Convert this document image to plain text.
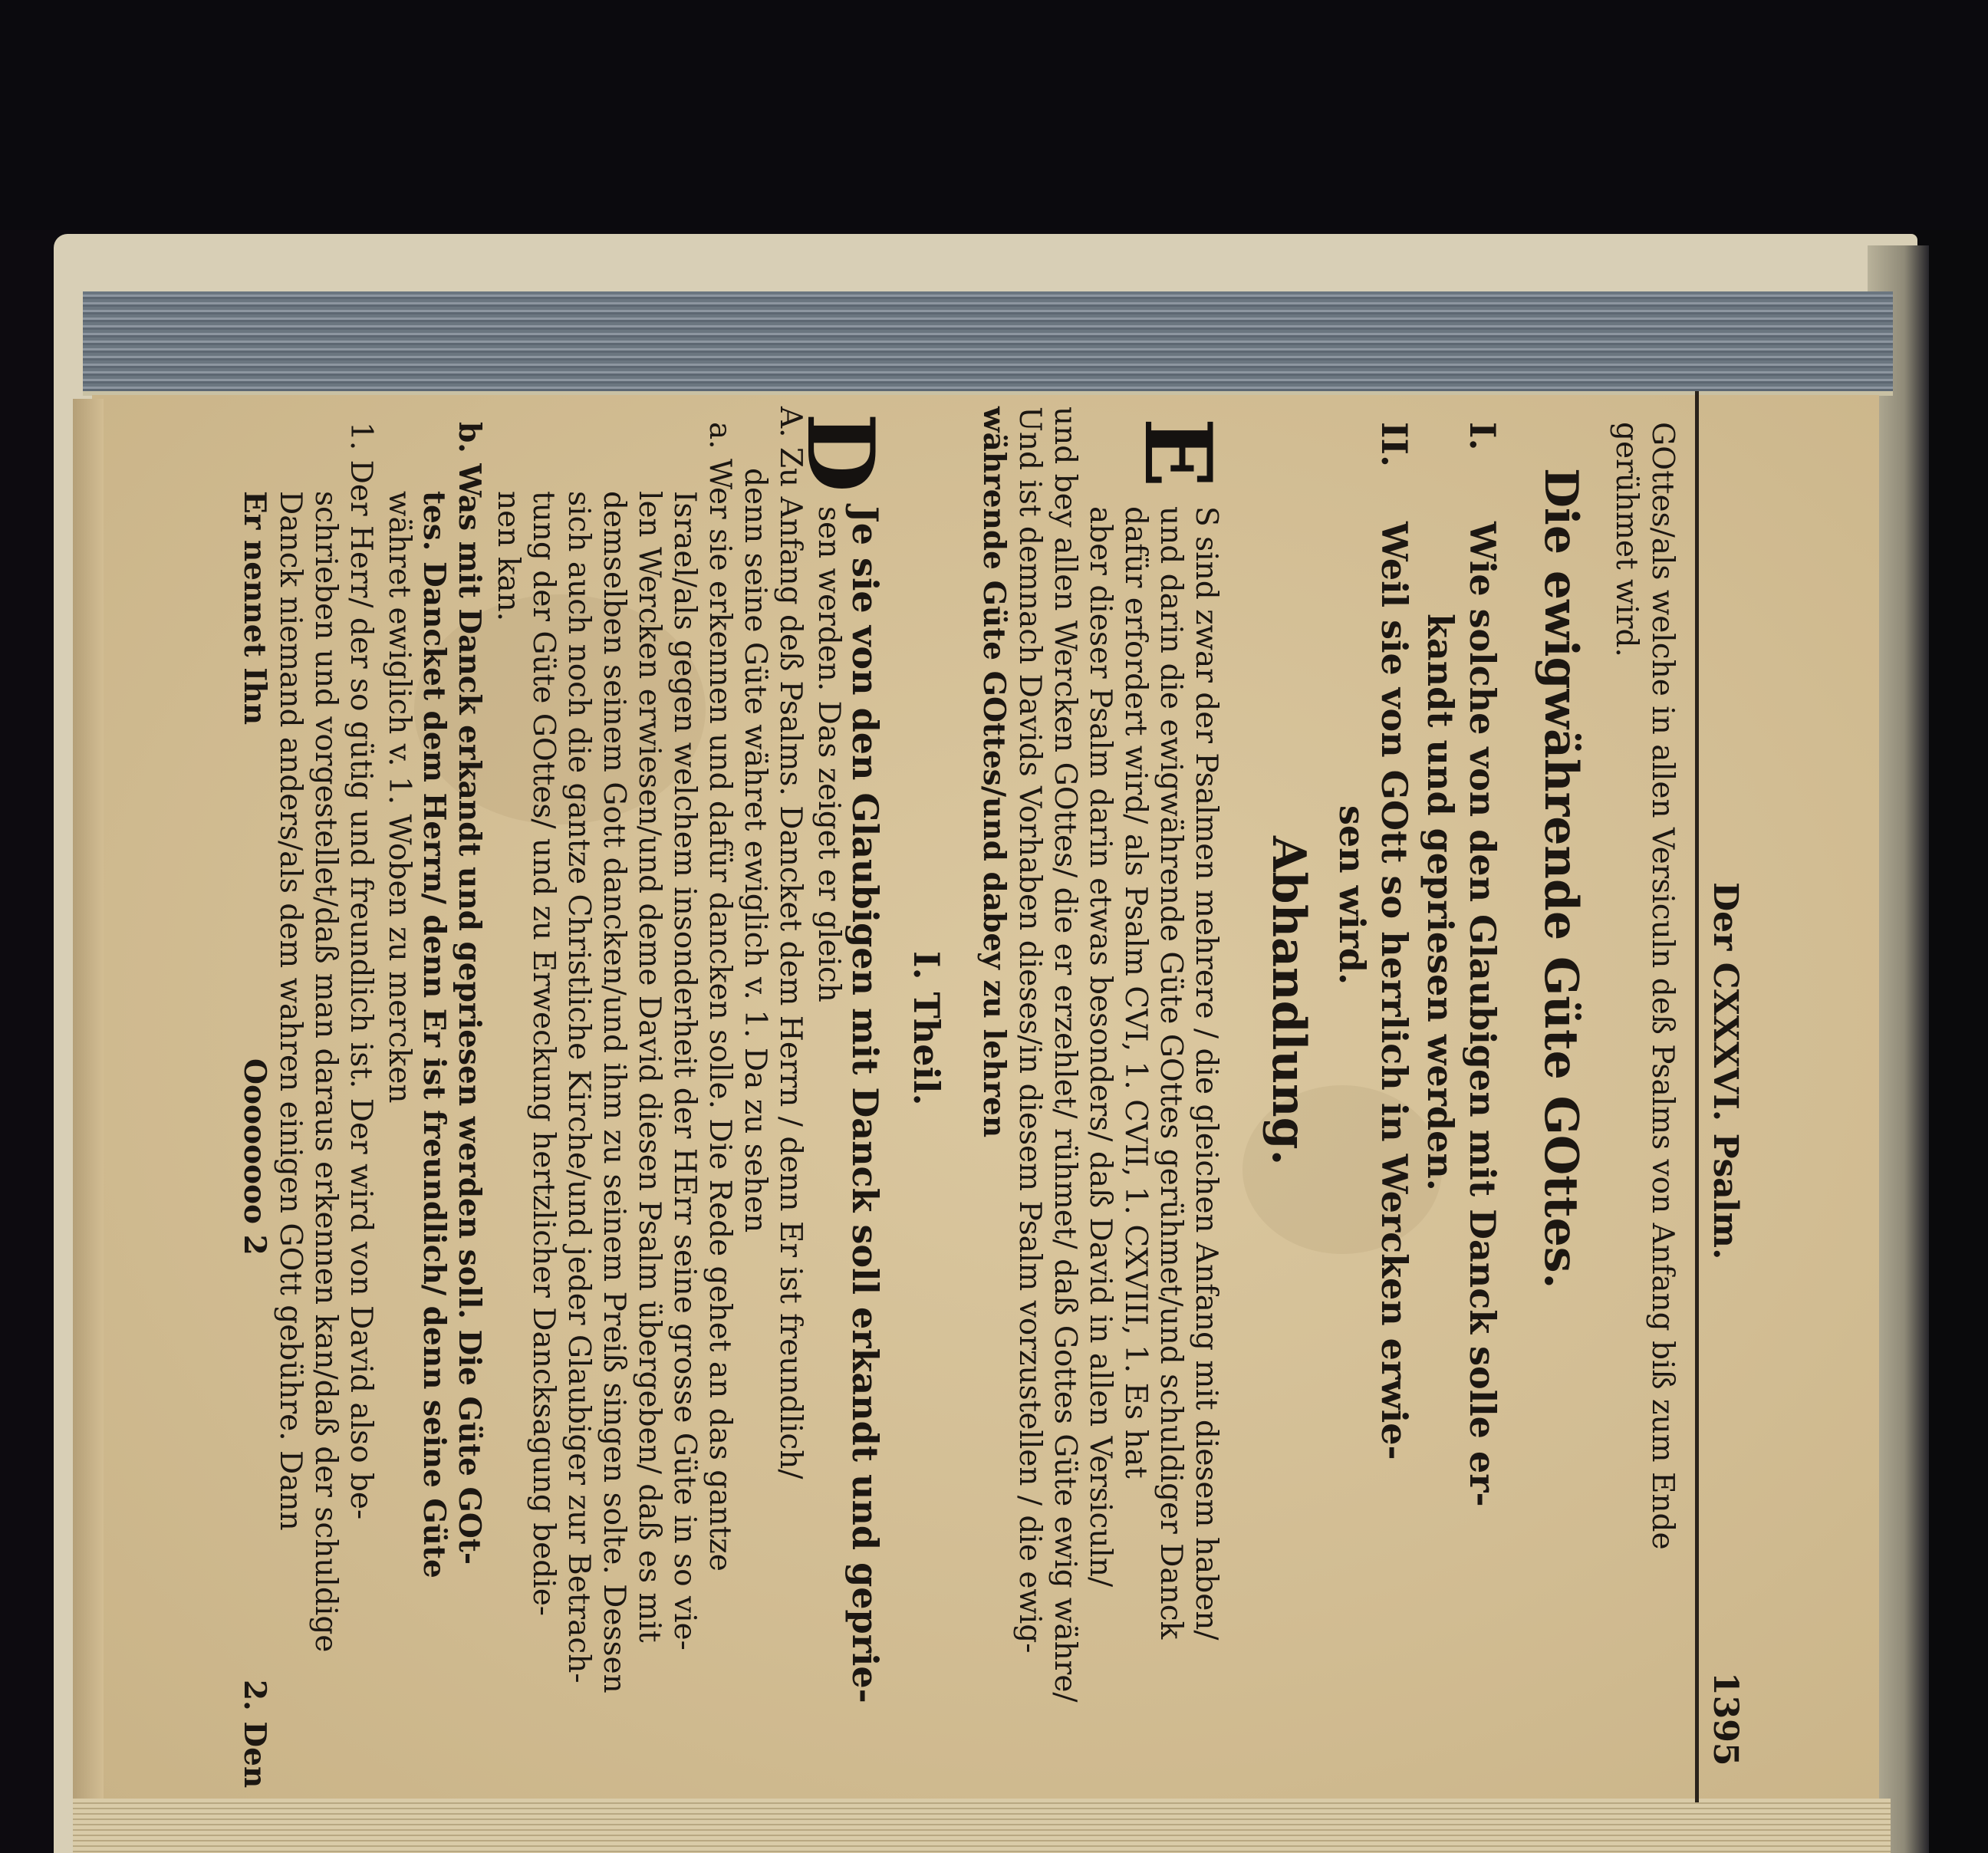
Der CXXXVI. Psalm.
1395
GOttes/als welche in allen Versiculn deß Psalms von Anfang biß zum Ende
gerühmet wird.
Die ewigwährende Güte GOttes.
I.
Wie solche von den Glaubigen mit Danck solle er-
kandt und gepriesen werden.
II.
Weil sie von GOtt so herrlich in Wercken erwie-
sen wird.
Abhandlung.
E
S sind zwar der Psalmen mehrere / die gleichen Anfang mit diesem haben/
und darin die ewigwährende Güte GOttes gerühmet/und schuldiger Danck
dafür erfordert wird/ als Psalm CVI, 1. CVII, 1. CXVIII, 1. Es hat
aber dieser Psalm darin etwas besonders/ daß David in allen Versiculn/
und bey allen Wercken GOttes/ die er erzehlet/ rühmet/ daß Gottes Güte ewig währe/
Und ist demnach Davids Vorhaben dieses/in diesem Psalm vorzustellen / die ewig-
währende Güte GOttes/und dabey zu lehren
I. Theil.
D
Je sie von den Glaubigen mit Danck soll erkandt und geprie-
sen werden. Das zeiget er gleich
A. Zu Anfang deß Psalms. Dancket dem Herrn / denn Er ist freundlich/
denn seine Güte währet ewiglich v. 1. Da zu sehen
a. Wer sie erkennen und dafür dancken solle. Die Rede gehet an das gantze
Israel/als gegen welchem insonderheit der HErr seine grosse Güte in so vie-
len Wercken erwiesen/und deme David diesen Psalm übergeben/ daß es mit
demselben seinem Gott dancken/und ihm zu seinem Preiß singen solte. Dessen
sich auch noch die gantze Christliche Kirche/und jeder Glaubiger zur Betrach-
tung der Güte GOttes/ und zu Erweckung hertzlicher Dancksagung bedie-
nen kan.
b. Was mit Danck erkandt und gepriesen werden soll. Die Güte GOt-
tes. Dancket dem Herrn/ denn Er ist freundlich/ denn seine Güte
währet ewiglich v. 1. Woben zu mercken
1. Der Herr/ der so gütig und freundlich ist. Der wird von David also be-
schrieben und vorgestellet/daß man daraus erkennen kan/daß der schuldige
Danck niemand anders/als dem wahren einigen GOtt gebühre. Dann
Er nennet Ihn
Oooooooo 2
2. Den
